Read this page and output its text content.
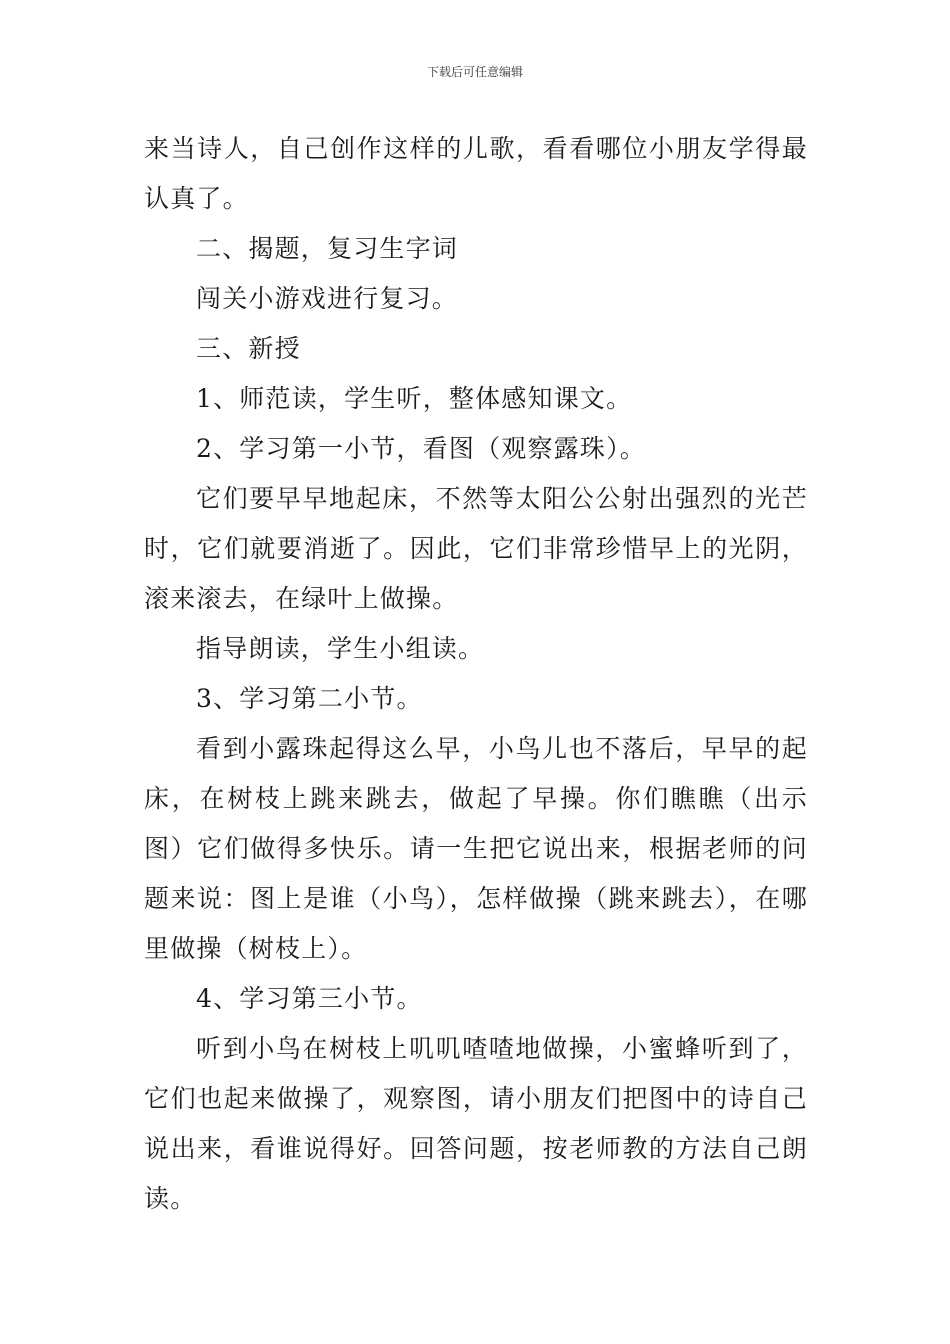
下载后可任意编辑

来当诗人，自己创作这样的儿歌，看看哪位小朋友学得最认真了。

二、揭题，复习生字词

闯关小游戏进行复习。

三、新授

1、师范读，学生听，整体感知课文。

2、学习第一小节，看图（观察露珠）。

它们要早早地起床，不然等太阳公公射出强烈的光芒时，它们就要消逝了。因此，它们非常珍惜早上的光阴，滚来滚去，在绿叶上做操。

指导朗读，学生小组读。

3、学习第二小节。

看到小露珠起得这么早，小鸟儿也不落后，早早的起床，在树枝上跳来跳去，做起了早操。你们瞧瞧（出示图）它们做得多快乐。请一生把它说出来，根据老师的问题来说：图上是谁（小鸟），怎样做操（跳来跳去），在哪里做操（树枝上）。

4、学习第三小节。

听到小鸟在树枝上叽叽喳喳地做操，小蜜蜂听到了，它们也起来做操了，观察图，请小朋友们把图中的诗自己说出来，看谁说得好。回答问题，按老师教的方法自己朗读。
